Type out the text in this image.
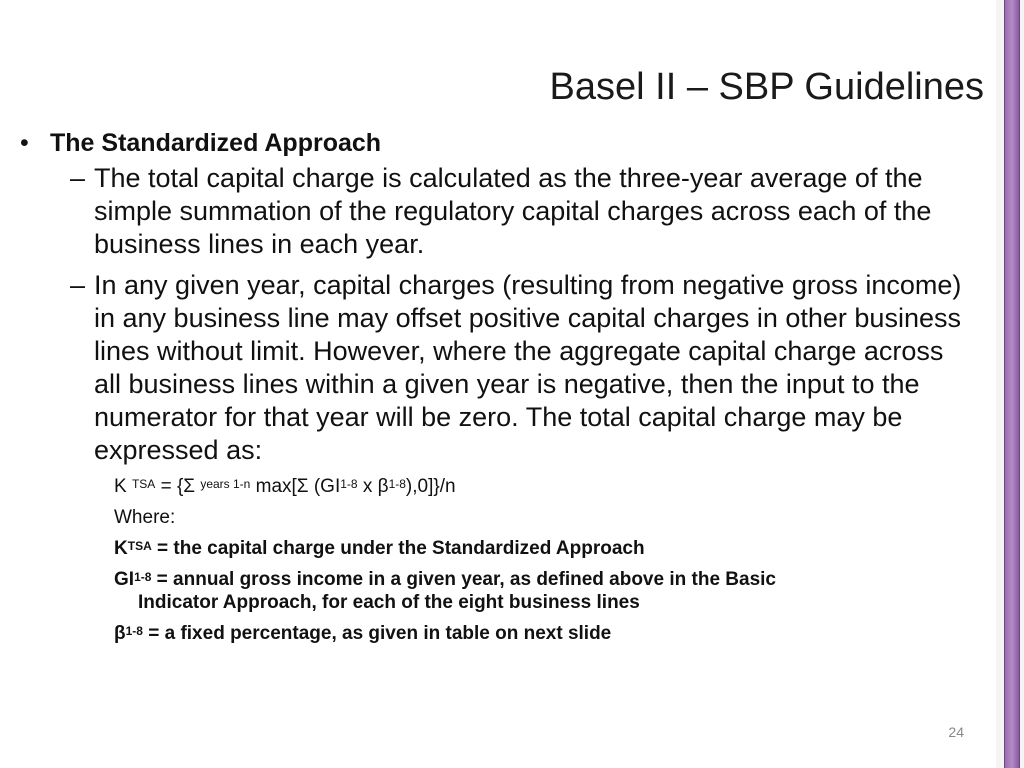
Basel II – SBP Guidelines
• The Standardized Approach
– The total capital charge is calculated as the three-year average of the simple summation of the regulatory capital charges across each of the business lines in each year.
– In any given year, capital charges (resulting from negative gross income) in any business line may offset positive capital charges in other business lines without limit. However, where the aggregate capital charge across all business lines within a given year is negative, then the input to the numerator for that year will be zero. The total capital charge may be expressed as:
K $^{TSA}$ = {Σ $^{years 1-n}$ max[Σ (GI$^{1-8}$ x $\beta^{1-8}),0]\}/n$
Where:
$K^{TSA}$ = the capital charge under the Standardized Approach
$GI^{1-8}$ = annual gross income in a given year, as defined above in the Basic
Indicator Approach, for each of the eight business lines
$\beta^{1-8} = a$ fixed percentage, as given in table on next slide
24
